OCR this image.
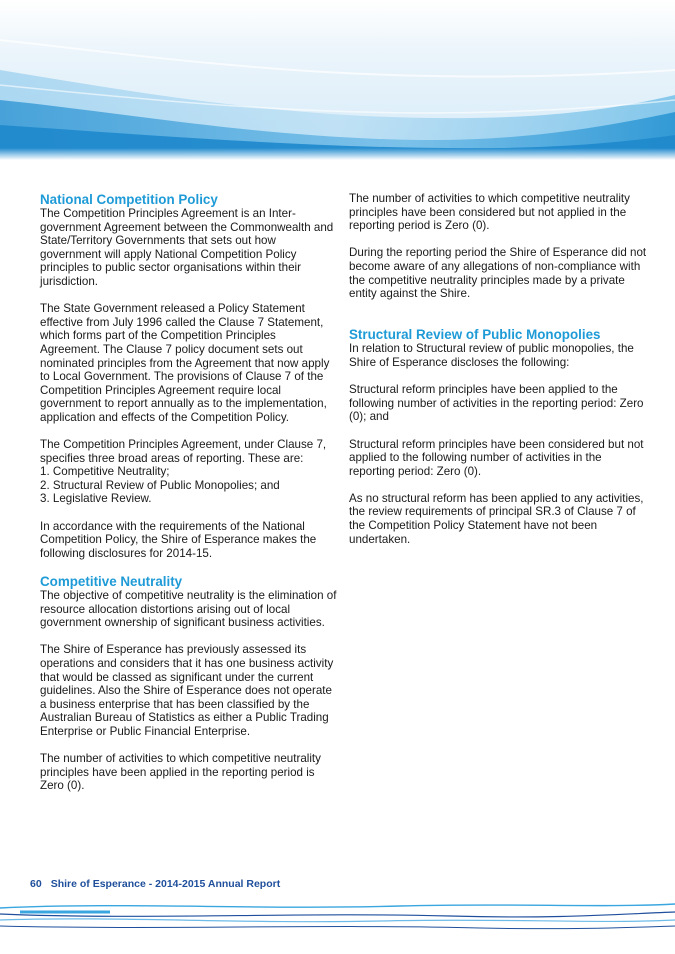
National Competition Policy

The Competition Principles Agreement is an Inter-government Agreement between the Commonwealth and State/Territory Governments that sets out how government will apply National Competition Policy principles to public sector organisations within their jurisdiction.

The State Government released a Policy Statement effective from July 1996 called the Clause 7 Statement, which forms part of the Competition Principles Agreement. The Clause 7 policy document sets out nominated principles from the Agreement that now apply to Local Government. The provisions of Clause 7 of the Competition Principles Agreement require local government to report annually as to the implementation, application and effects of the Competition Policy.

The Competition Principles Agreement, under Clause 7, specifies three broad areas of reporting. These are:

1. Competitive Neutrality;
2. Structural Review of Public Monopolies; and
3. Legislative Review.

In accordance with the requirements of the National Competition Policy, the Shire of Esperance makes the following disclosures for 2014-15.

Competitive Neutrality

The objective of competitive neutrality is the elimination of resource allocation distortions arising out of local government ownership of significant business activities.

The Shire of Esperance has previously assessed its operations and considers that it has one business activity that would be classed as significant under the current guidelines. Also the Shire of Esperance does not operate a business enterprise that has been classified by the Australian Bureau of Statistics as either a Public Trading Enterprise or Public Financial Enterprise.

The number of activities to which competitive neutrality principles have been applied in the reporting period is Zero (0).

The number of activities to which competitive neutrality principles have been considered but not applied in the reporting period is Zero (0).

During the reporting period the Shire of Esperance did not become aware of any allegations of non-compliance with the competitive neutrality principles made by a private entity against the Shire.

Structural Review of Public Monopolies

In relation to Structural review of public monopolies, the Shire of Esperance discloses the following:

Structural reform principles have been applied to the following number of activities in the reporting period: Zero (0); and

Structural reform principles have been considered but not applied to the following number of activities in the reporting period: Zero (0).

As no structural reform has been applied to any activities, the review requirements of principal SR.3 of Clause 7 of the Competition Policy Statement have not been undertaken.

60 Shire of Esperance - 2014-2015 Annual Report
